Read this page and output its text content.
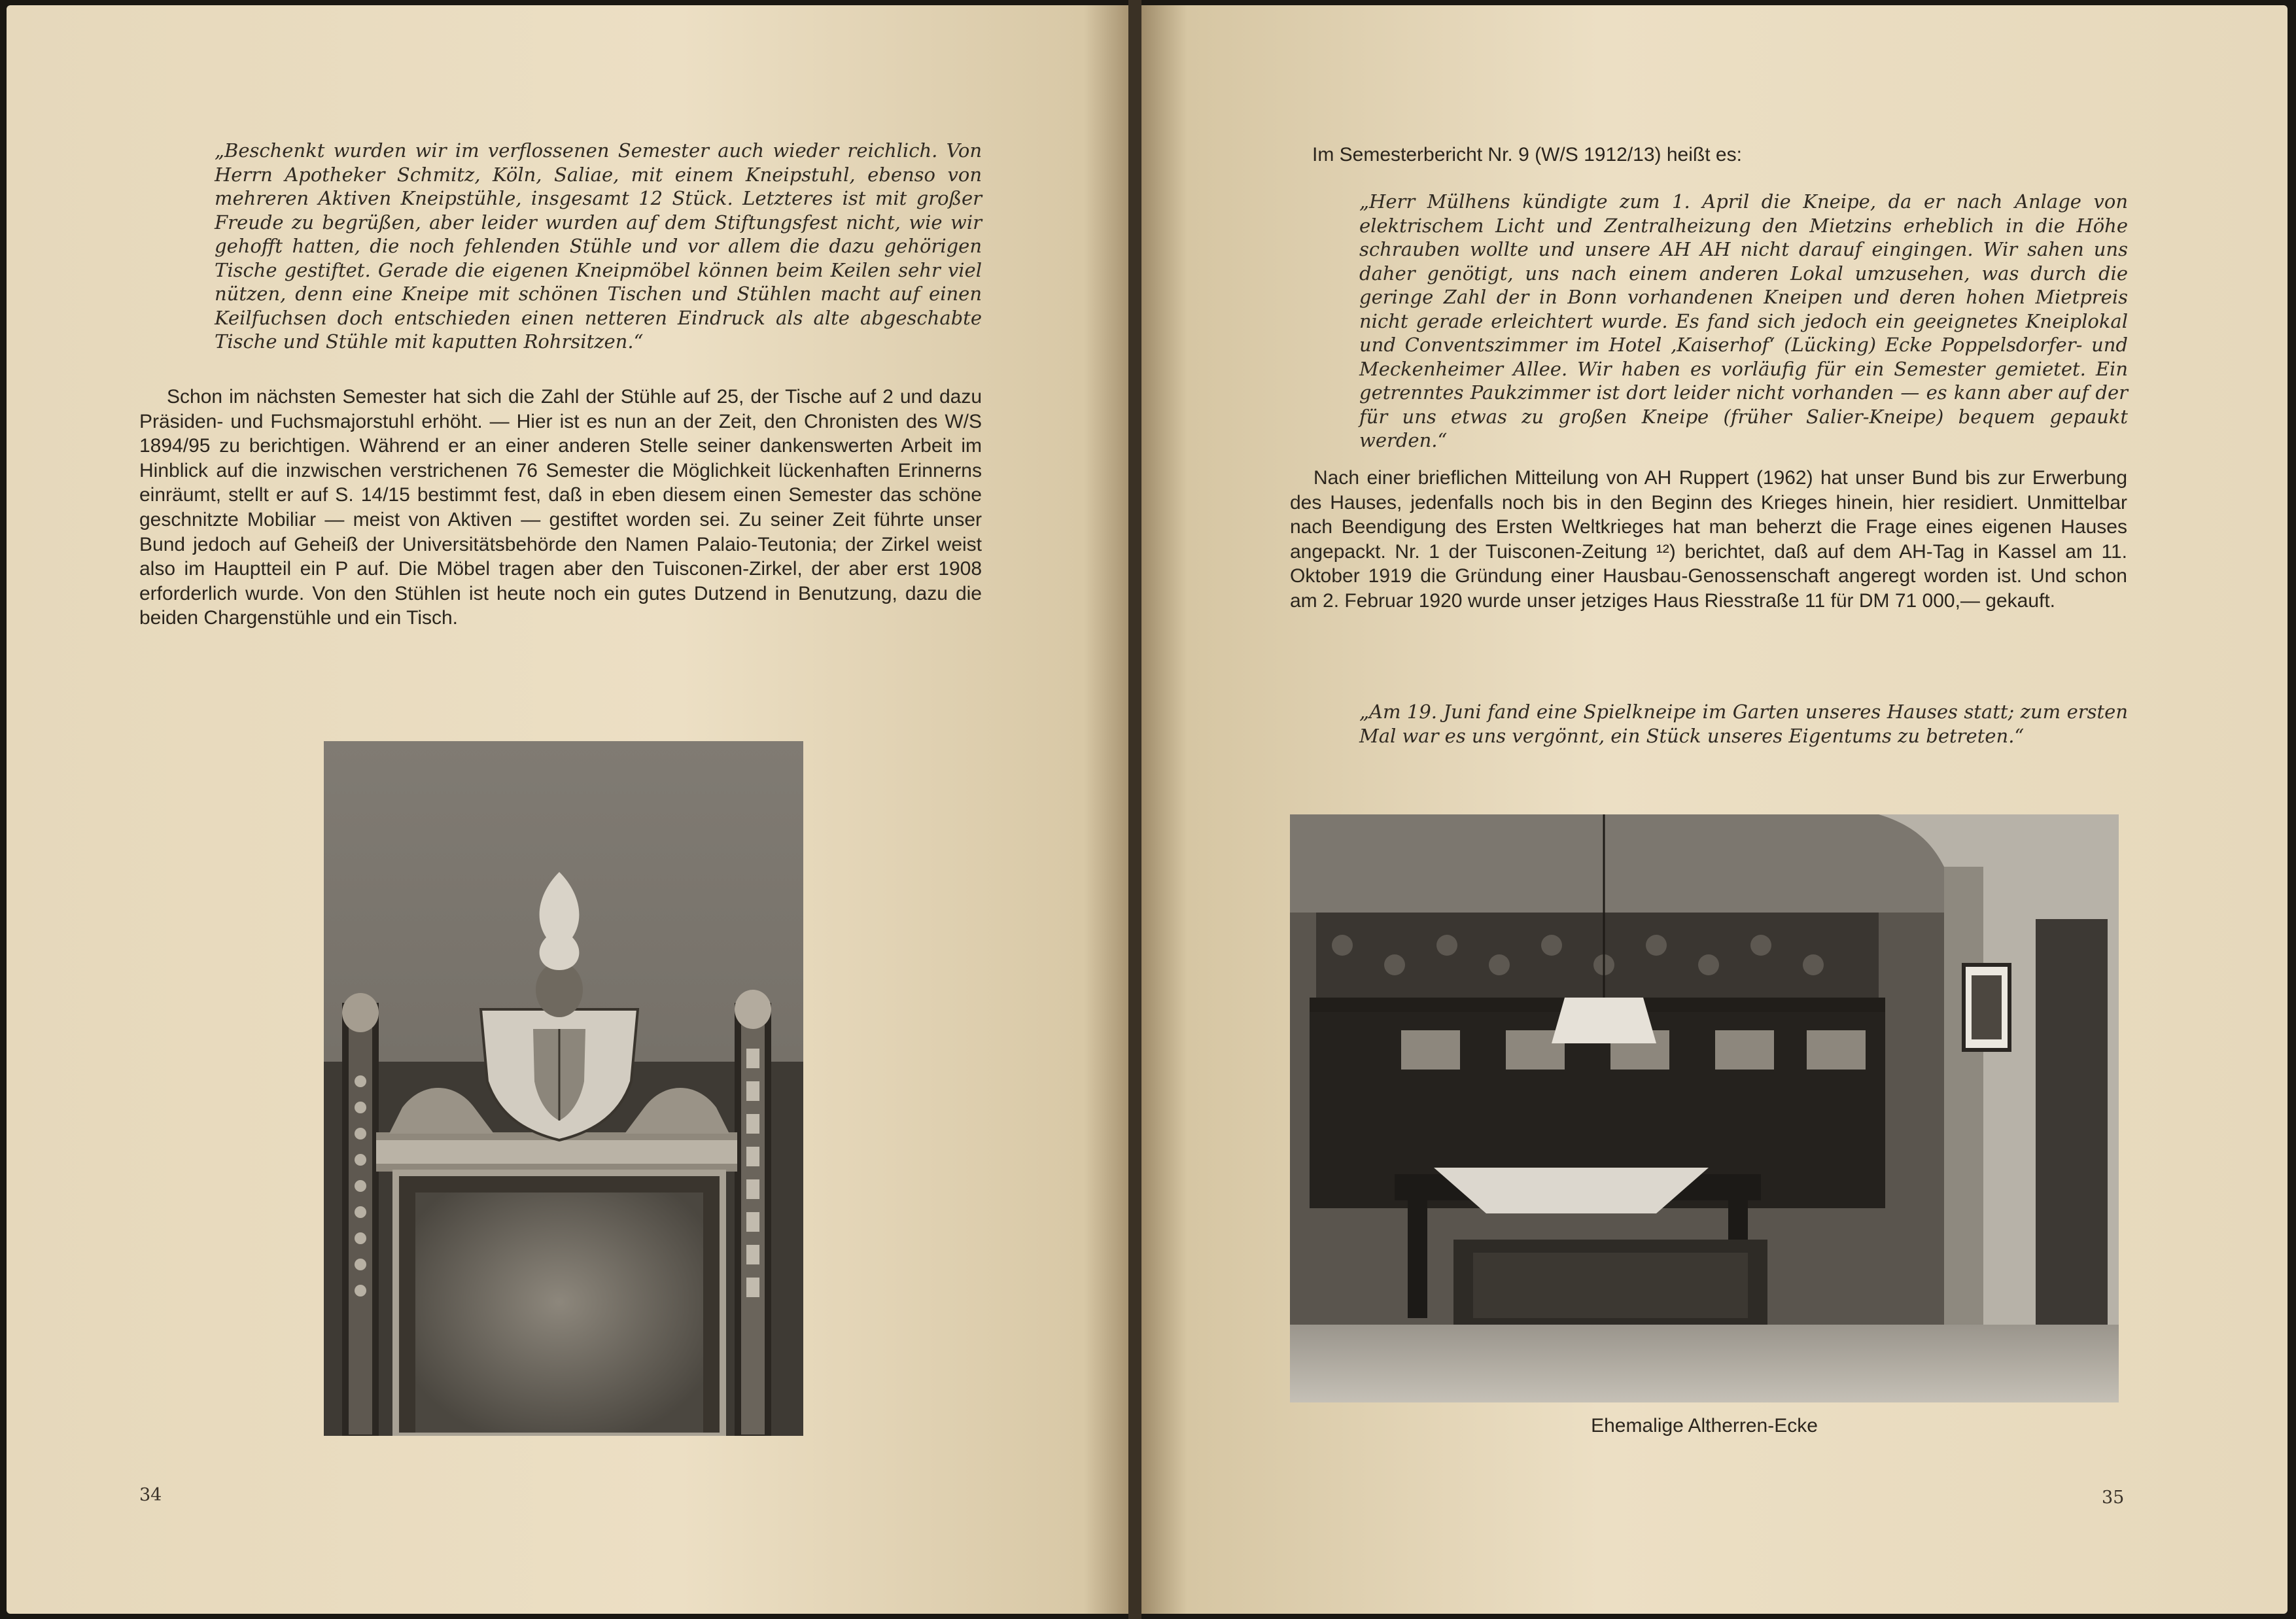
„Beschenkt wurden wir im verflossenen Semester auch wieder reichlich. Von Herrn Apotheker Schmitz, Köln, Saliae, mit einem Kneipstuhl, ebenso von mehreren Aktiven Kneipstühle, insgesamt 12 Stück. Letzteres ist mit großer Freude zu begrüßen, aber leider wurden auf dem Stiftungsfest nicht, wie wir gehofft hatten, die noch fehlenden Stühle und vor allem die dazu gehörigen Tische gestiftet. Gerade die eigenen Kneipmöbel können beim Keilen sehr viel nützen, denn eine Kneipe mit schönen Tischen und Stühlen macht auf einen Keilfuchsen doch entschieden einen netteren Eindruck als alte abgeschabte Tische und Stühle mit kaputten Rohrsitzen.“
Schon im nächsten Semester hat sich die Zahl der Stühle auf 25, der Tische auf 2 und dazu Präsiden- und Fuchsmajorstuhl erhöht. — Hier ist es nun an der Zeit, den Chronisten des W/S 1894/95 zu berichtigen. Während er an einer anderen Stelle seiner dankenswerten Arbeit im Hinblick auf die inzwischen verstrichenen 76 Semester die Möglichkeit lückenhaften Erinnerns einräumt, stellt er auf S. 14/15 bestimmt fest, daß in eben diesem einen Semester das schöne geschnitzte Mobiliar — meist von Aktiven — gestiftet worden sei. Zu seiner Zeit führte unser Bund jedoch auf Geheiß der Universitätsbehörde den Namen Palaio-Teutonia; der Zirkel weist also im Hauptteil ein P auf. Die Möbel tragen aber den Tuisconen-Zirkel, der aber erst 1908 erforderlich wurde. Von den Stühlen ist heute noch ein gutes Dutzend in Benutzung, dazu die beiden Chargenstühle und ein Tisch.
34
Im Semesterbericht Nr. 9 (W/S 1912/13) heißt es:
„Herr Mülhens kündigte zum 1. April die Kneipe, da er nach Anlage von elektrischem Licht und Zentralheizung den Mietzins erheblich in die Höhe schrauben wollte und unsere AH AH nicht darauf eingingen. Wir sahen uns daher genötigt, uns nach einem anderen Lokal umzusehen, was durch die geringe Zahl der in Bonn vorhandenen Kneipen und deren hohen Mietpreis nicht gerade erleichtert wurde. Es fand sich jedoch ein geeignetes Kneiplokal und Conventszimmer im Hotel ‚Kaiserhof‘ (Lücking) Ecke Poppelsdorfer- und Meckenheimer Allee. Wir haben es vorläufig für ein Semester gemietet. Ein getrenntes Paukzimmer ist dort leider nicht vorhanden — es kann aber auf der für uns etwas zu großen Kneipe (früher Salier-Kneipe) bequem gepaukt werden.“
Nach einer brieflichen Mitteilung von AH Ruppert (1962) hat unser Bund bis zur Erwerbung des Hauses, jedenfalls noch bis in den Beginn des Krieges hinein, hier residiert. Unmittelbar nach Beendigung des Ersten Weltkrieges hat man beherzt die Frage eines eigenen Hauses angepackt. Nr. 1 der Tuisconen-Zeitung ¹²) berichtet, daß auf dem AH-Tag in Kassel am 11. Oktober 1919 die Gründung einer Hausbau-Genossenschaft angeregt worden ist. Und schon am 2. Februar 1920 wurde unser jetziges Haus Riesstraße 11 für DM 71 000,— gekauft.
„Am 19. Juni fand eine Spielkneipe im Garten unseres Hauses statt; zum ersten Mal war es uns vergönnt, ein Stück unseres Eigentums zu betreten.“
Ehemalige Altherren-Ecke
35
